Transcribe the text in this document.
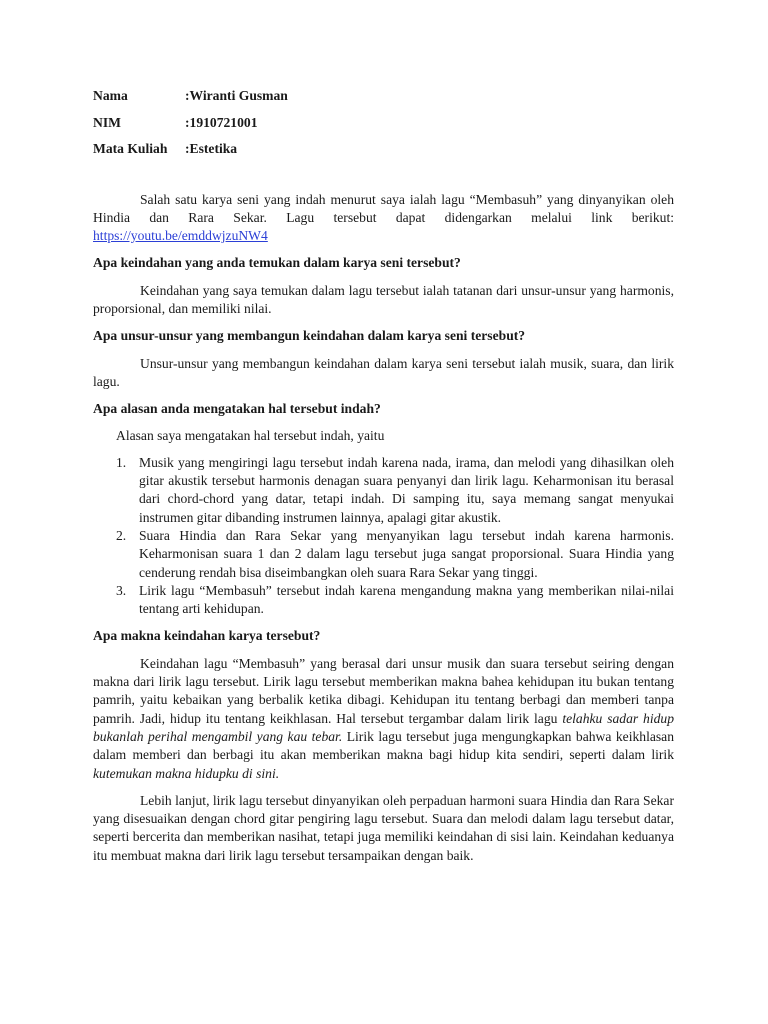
Nama	:Wiranti Gusman
NIM	:1910721001
Mata Kuliah	:Estetika

Salah satu karya seni yang indah menurut saya ialah lagu “Membasuh” yang dinyanyikan oleh Hindia dan Rara Sekar. Lagu tersebut dapat didengarkan melalui link berikut: https://youtu.be/emddwjzuNW4

Apa keindahan yang anda temukan dalam karya seni tersebut?

Keindahan yang saya temukan dalam lagu tersebut ialah tatanan dari unsur-unsur yang harmonis, proporsional, dan memiliki nilai.

Apa unsur-unsur yang membangun keindahan dalam karya seni tersebut?

Unsur-unsur yang membangun keindahan dalam karya seni tersebut ialah musik, suara, dan lirik lagu.

Apa alasan anda mengatakan hal tersebut indah?

Alasan saya mengatakan hal tersebut indah, yaitu

1. Musik yang mengiringi lagu tersebut indah karena nada, irama, dan melodi yang dihasilkan oleh gitar akustik tersebut harmonis denagan suara penyanyi dan lirik lagu. Keharmonisan itu berasal dari chord-chord yang datar, tetapi indah. Di samping itu, saya memang sangat menyukai instrumen gitar dibanding instrumen lainnya, apalagi gitar akustik.
2. Suara Hindia dan Rara Sekar yang menyanyikan lagu tersebut indah karena harmonis. Keharmonisan suara 1 dan 2 dalam lagu tersebut juga sangat proporsional. Suara Hindia yang cenderung rendah bisa diseimbangkan oleh suara Rara Sekar yang tinggi.
3. Lirik lagu “Membasuh” tersebut indah karena mengandung makna yang memberikan nilai-nilai tentang arti kehidupan.

Apa makna keindahan karya tersebut?

Keindahan lagu “Membasuh” yang berasal dari unsur musik dan suara tersebut seiring dengan makna dari lirik lagu tersebut. Lirik lagu tersebut memberikan makna bahea kehidupan itu bukan tentang pamrih, yaitu kebaikan yang berbalik ketika dibagi. Kehidupan itu tentang berbagi dan memberi tanpa pamrih. Jadi, hidup itu tentang keikhlasan. Hal tersebut tergambar dalam lirik lagu telahku sadar hidup bukanlah perihal mengambil yang kau tebar. Lirik lagu tersebut juga mengungkapkan bahwa keikhlasan dalam memberi dan berbagi itu akan memberikan makna bagi hidup kita sendiri, seperti dalam lirik kutemukan makna hidupku di sini.

Lebih lanjut, lirik lagu tersebut dinyanyikan oleh perpaduan harmoni suara Hindia dan Rara Sekar yang disesuaikan dengan chord gitar pengiring lagu tersebut. Suara dan melodi dalam lagu tersebut datar, seperti bercerita dan memberikan nasihat, tetapi juga memiliki keindahan di sisi lain. Keindahan keduanya itu membuat makna dari lirik lagu tersebut tersampaikan dengan baik.
